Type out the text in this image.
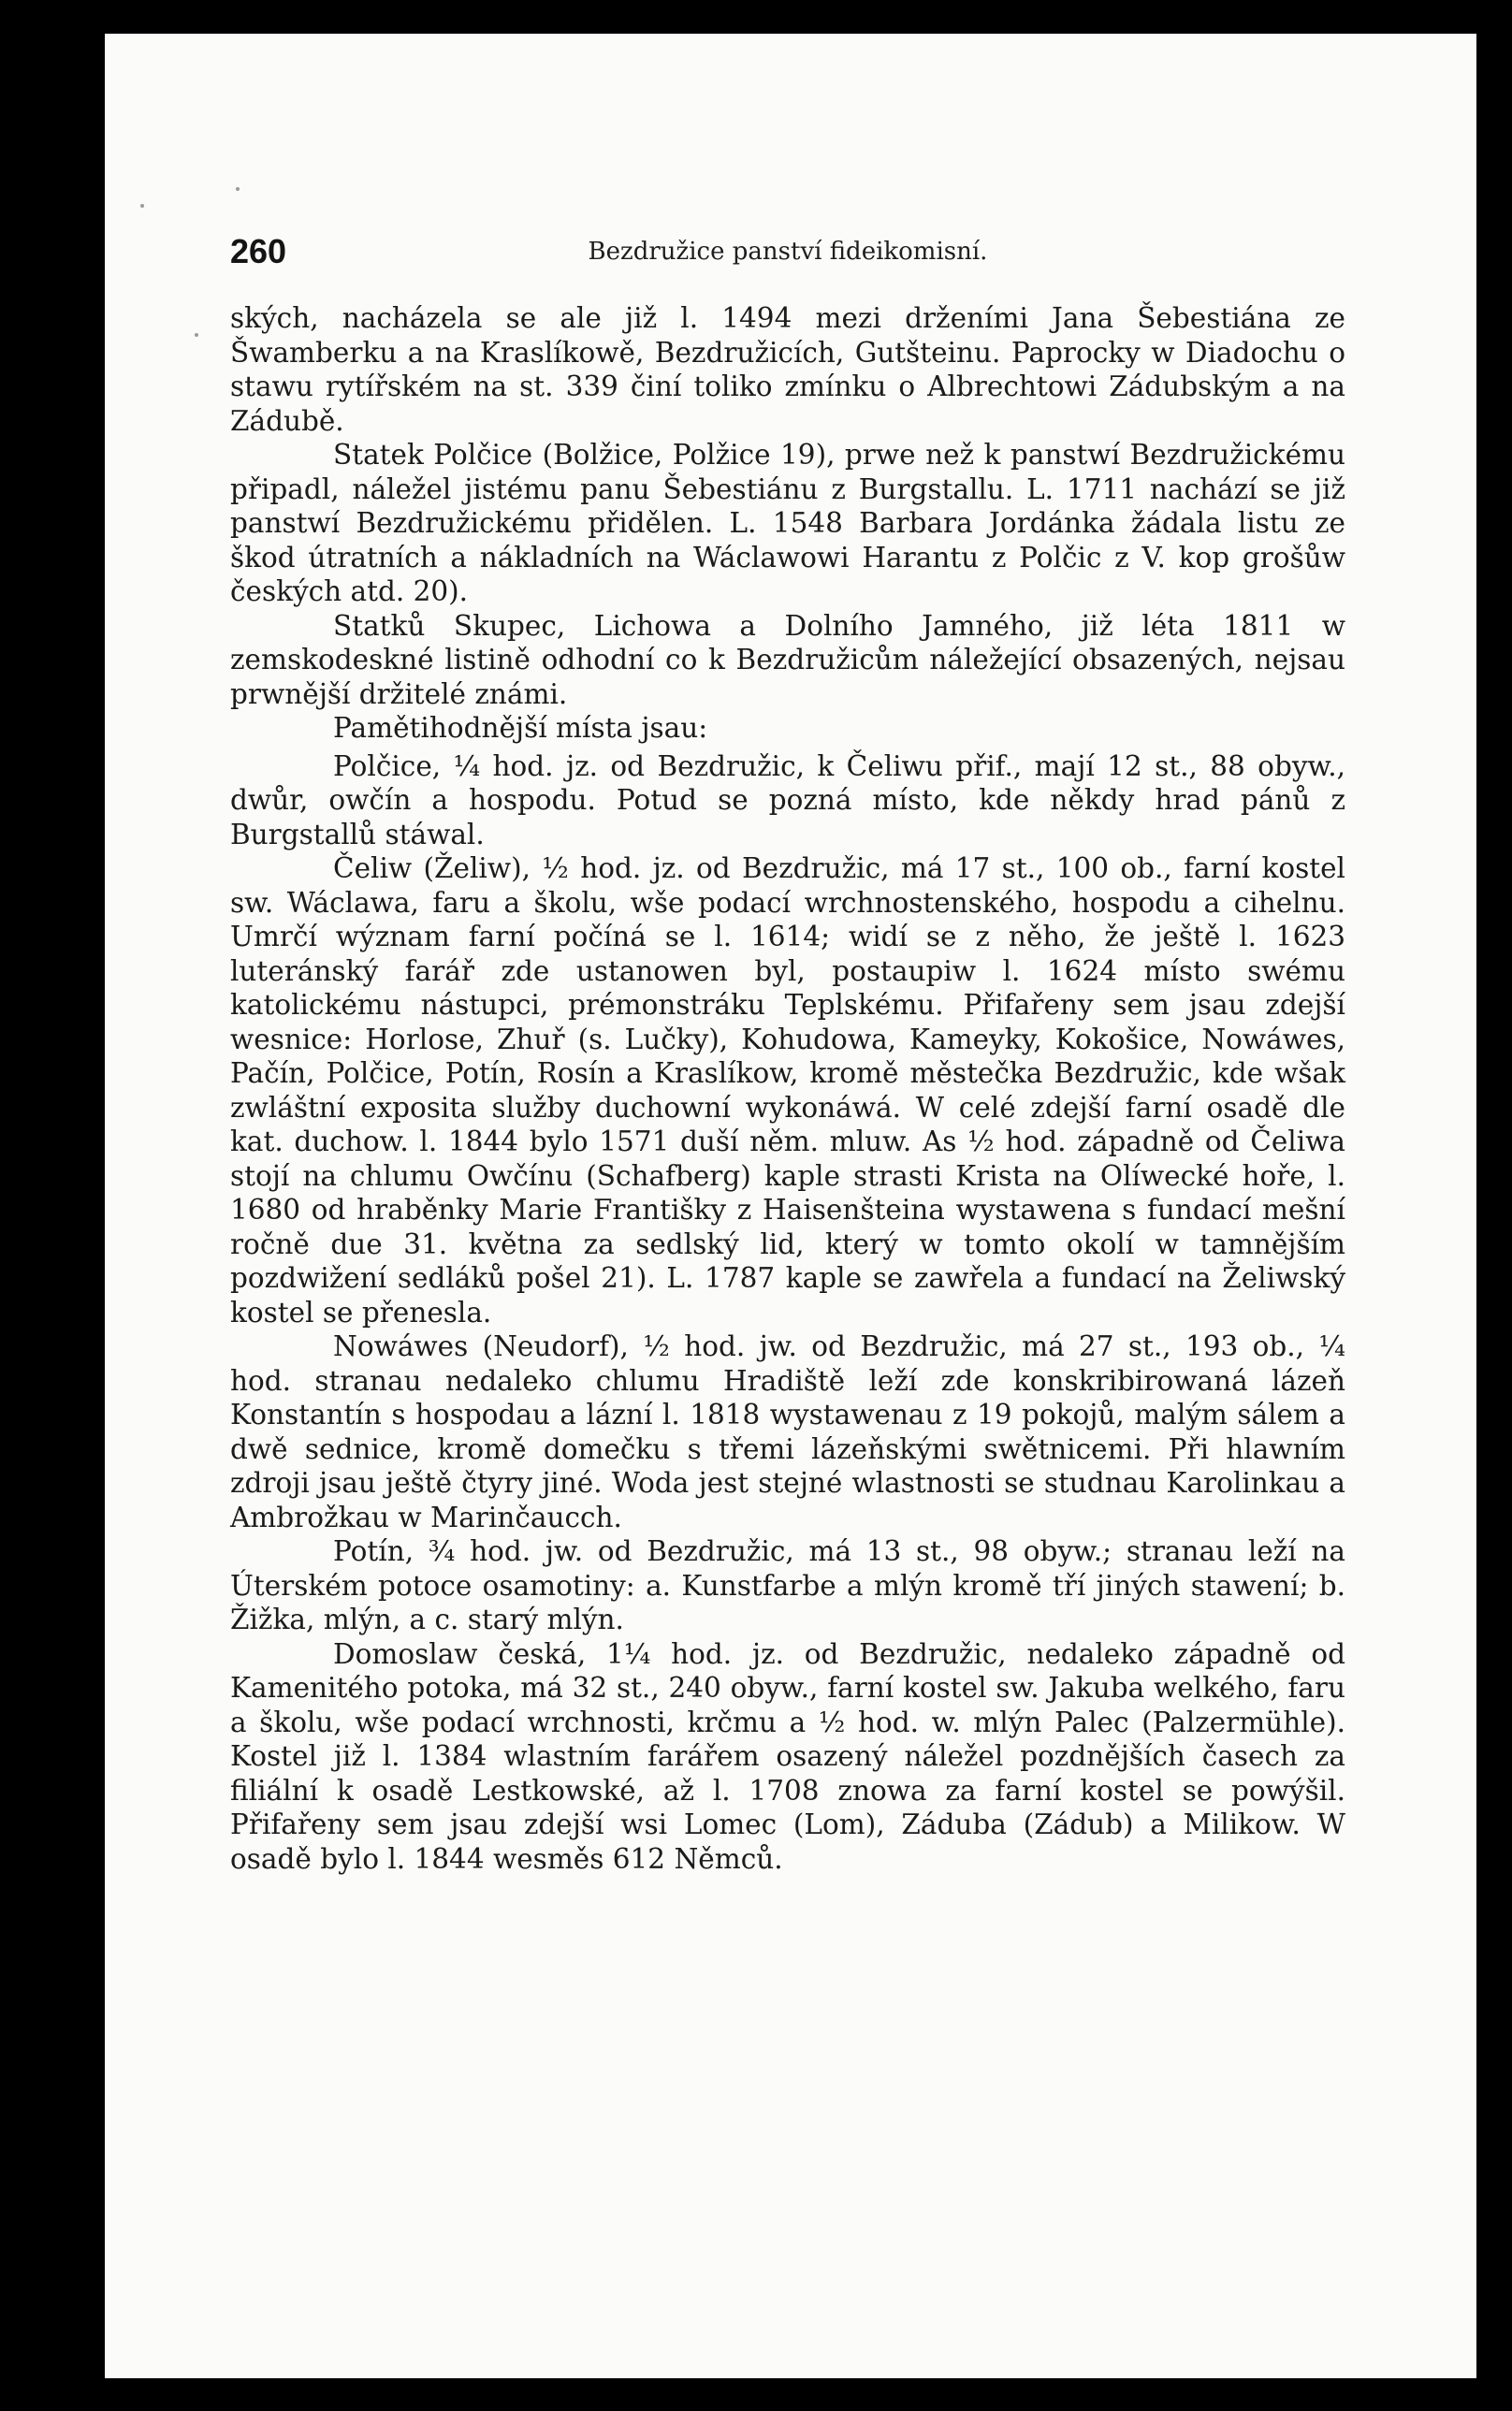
260	Bezdružice panství fideikomisní.

ských, nacházela se ale již l. 1494 mezi drženími Jana Šebestiána ze Šwamberku a na Kraslíkowě, Bezdružicích, Gutšteinu. Paprocky w Diadochu o stawu rytířském na st. 339 činí toliko zmínku o Albrechtowi Zádubským a na Zádubě.

Statek Polčice (Bolžice, Polžice 19), prwe než k panstwí Bezdružickému připadl, náležel jistému panu Šebestiánu z Burgstallu. L. 1711 nachází se již panstwí Bezdružickému přidělen. L. 1548 Barbara Jordánka žádala listu ze škod útratních a nákladních na Wáclawowi Harantu z Polčic z V. kop grošůw českých atd. 20).

Statků Skupec, Lichowa a Dolního Jamného, již léta 1811 w zemskodeskné listině odhodní co k Bezdružicům náležející obsazených, nejsau prwnější držitelé známi.

Pamětihodnější místa jsau:

Polčice, ¼ hod. jz. od Bezdružic, k Čeliwu přif., mají 12 st., 88 obyw., dwůr, owčín a hospodu. Potud se pozná místo, kde někdy hrad pánů z Burgstallů stáwal.

Čeliw (Želiw), ½ hod. jz. od Bezdružic, má 17 st., 100 ob., farní kostel sw. Wáclawa, faru a školu, wše podací wrchnostenského, hospodu a cihelnu. Umrčí wýznam farní počíná se l. 1614; widí se z něho, že ještě l. 1623 luteránský farář zde ustanowen byl, postaupiw l. 1624 místo swému katolickému nástupci, prémonstráku Teplskému. Přifařeny sem jsau zdejší wesnice: Horlose, Zhuř (s. Lučky), Kohudowa, Kameyky, Kokošice, Nowáwes, Pačín, Polčice, Potín, Rosín a Kraslíkow, kromě městečka Bezdružic, kde wšak zwláštní exposita služby duchowní wykonáwá. W celé zdejší farní osadě dle kat. duchow. l. 1844 bylo 1571 duší něm. mluw. As ½ hod. západně od Čeliwa stojí na chlumu Owčínu (Schafberg) kaple strasti Krista na Olíwecké hoře, l. 1680 od hraběnky Marie Františky z Haisenšteina wystawena s fundací mešní ročně due 31. května za sedlský lid, který w tomto okolí w tamnějším pozdwižení sedláků pošel 21). L. 1787 kaple se zawřela a fundací na Želiwský kostel se přenesla.

Nowáwes (Neudorf), ½ hod. jw. od Bezdružic, má 27 st., 193 ob., ¼ hod. stranau nedaleko chlumu Hradiště leží zde konskribirowaná lázeň Konstantín s hospodau a lázní l. 1818 wystawenau z 19 pokojů, malým sálem a dwě sednice, kromě domečku s třemi lázeňskými swětnicemi. Při hlawním zdroji jsau ještě čtyry jiné. Woda jest stejné wlastnosti se studnau Karolinkau a Ambrožkau w Marinčaucch.

Potín, ¾ hod. jw. od Bezdružic, má 13 st., 98 obyw.; stranau leží na Úterském potoce osamotiny: a. Kunstfarbe a mlýn kromě tří jiných stawení; b. Žižka, mlýn, a c. starý mlýn.

Domoslaw česká, 1¼ hod. jz. od Bezdružic, nedaleko západně od Kamenitého potoka, má 32 st., 240 obyw., farní kostel sw. Jakuba welkého, faru a školu, wše podací wrchnosti, krčmu a ½ hod. w. mlýn Palec (Palzermühle). Kostel již l. 1384 wlastním farářem osazený náležel pozdnějších časech za filiální k osadě Lestkowské, až l. 1708 znowa za farní kostel se powýšil. Přifařeny sem jsau zdejší wsi Lomec (Lom), Záduba (Zádub) a Milikow. W osadě bylo l. 1844 wesměs 612 Němců.
